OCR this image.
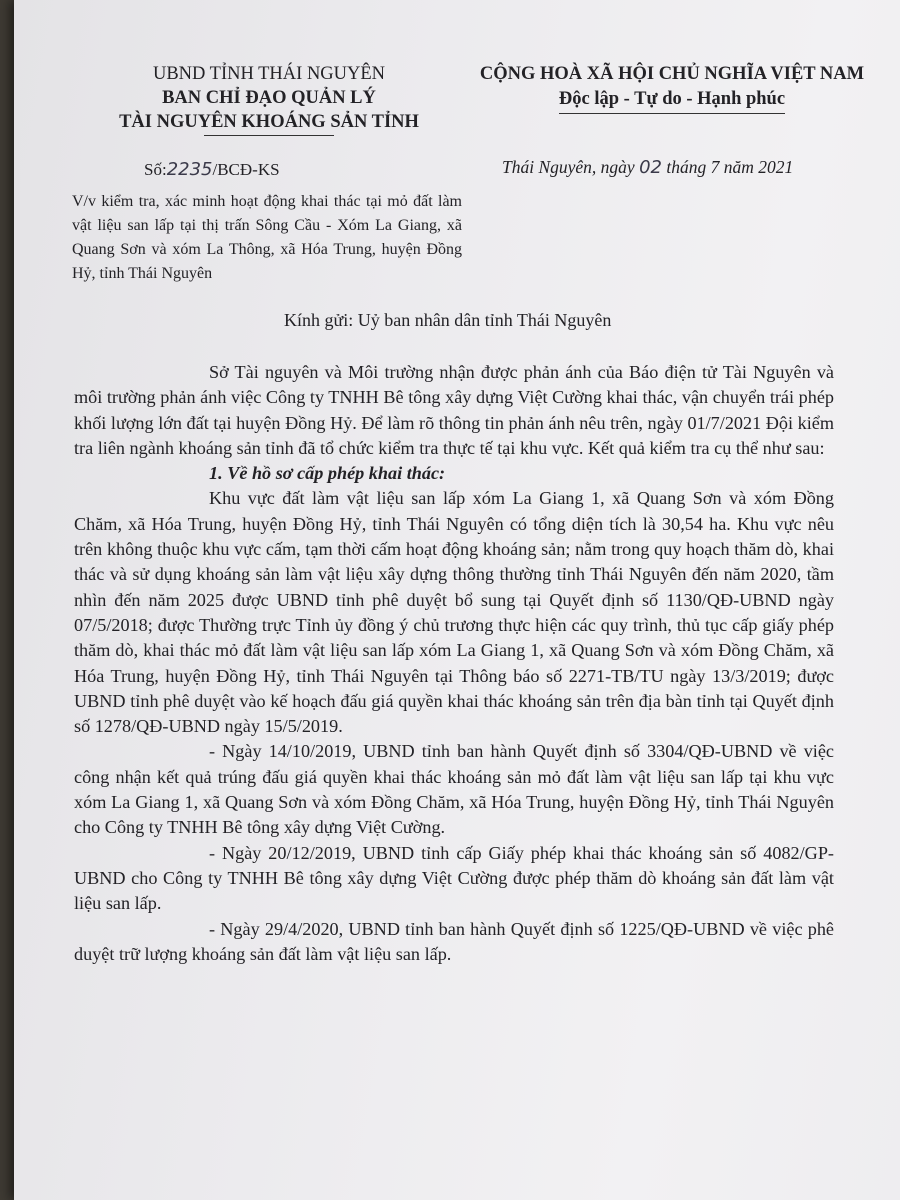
UBND TỈNH THÁI NGUYÊN
BAN CHỈ ĐẠO QUẢN LÝ
TÀI NGUYÊN KHOÁNG SẢN TỈNH
CỘNG HOÀ XÃ HỘI CHỦ NGHĨA VIỆT NAM
Độc lập - Tự do - Hạnh phúc
Số:2235/BCĐ-KS	Thái Nguyên, ngày 02 tháng 7 năm 2021
V/v kiểm tra, xác minh hoạt động khai thác tại mỏ đất làm vật liệu san lấp tại thị trấn Sông Cầu - Xóm La Giang, xã Quang Sơn và xóm La Thông, xã Hóa Trung, huyện Đồng Hỷ, tỉnh Thái Nguyên
Kính gửi: Uỷ ban nhân dân tỉnh Thái Nguyên

Sở Tài nguyên và Môi trường nhận được phản ánh của Báo điện tử Tài Nguyên và môi trường phản ánh việc Công ty TNHH Bê tông xây dựng Việt Cường khai thác, vận chuyển trái phép khối lượng lớn đất tại huyện Đồng Hỷ. Để làm rõ thông tin phản ánh nêu trên, ngày 01/7/2021 Đội kiểm tra liên ngành khoáng sản tỉnh đã tổ chức kiểm tra thực tế tại khu vực. Kết quả kiểm tra cụ thể như sau:

1. Về hồ sơ cấp phép khai thác:

Khu vực đất làm vật liệu san lấp xóm La Giang 1, xã Quang Sơn và xóm Đồng Chăm, xã Hóa Trung, huyện Đồng Hỷ, tỉnh Thái Nguyên có tổng diện tích là 30,54 ha. Khu vực nêu trên không thuộc khu vực cấm, tạm thời cấm hoạt động khoáng sản; nằm trong quy hoạch thăm dò, khai thác và sử dụng khoáng sản làm vật liệu xây dựng thông thường tỉnh Thái Nguyên đến năm 2020, tầm nhìn đến năm 2025 được UBND tỉnh phê duyệt bổ sung tại Quyết định số 1130/QĐ-UBND ngày 07/5/2018; được Thường trực Tỉnh ủy đồng ý chủ trương thực hiện các quy trình, thủ tục cấp giấy phép thăm dò, khai thác mỏ đất làm vật liệu san lấp xóm La Giang 1, xã Quang Sơn và xóm Đồng Chăm, xã Hóa Trung, huyện Đồng Hỷ, tỉnh Thái Nguyên tại Thông báo số 2271-TB/TU ngày 13/3/2019; được UBND tỉnh phê duyệt vào kế hoạch đấu giá quyền khai thác khoáng sản trên địa bàn tỉnh tại Quyết định số 1278/QĐ-UBND ngày 15/5/2019.

- Ngày 14/10/2019, UBND tỉnh ban hành Quyết định số 3304/QĐ-UBND về việc công nhận kết quả trúng đấu giá quyền khai thác khoáng sản mỏ đất làm vật liệu san lấp tại khu vực xóm La Giang 1, xã Quang Sơn và xóm Đồng Chăm, xã Hóa Trung, huyện Đồng Hỷ, tỉnh Thái Nguyên cho Công ty TNHH Bê tông xây dựng Việt Cường.

- Ngày 20/12/2019, UBND tỉnh cấp Giấy phép khai thác khoáng sản số 4082/GP-UBND cho Công ty TNHH Bê tông xây dựng Việt Cường được phép thăm dò khoáng sản đất làm vật liệu san lấp.

- Ngày 29/4/2020, UBND tỉnh ban hành Quyết định số 1225/QĐ-UBND về việc phê duyệt trữ lượng khoáng sản đất làm vật liệu san lấp.
